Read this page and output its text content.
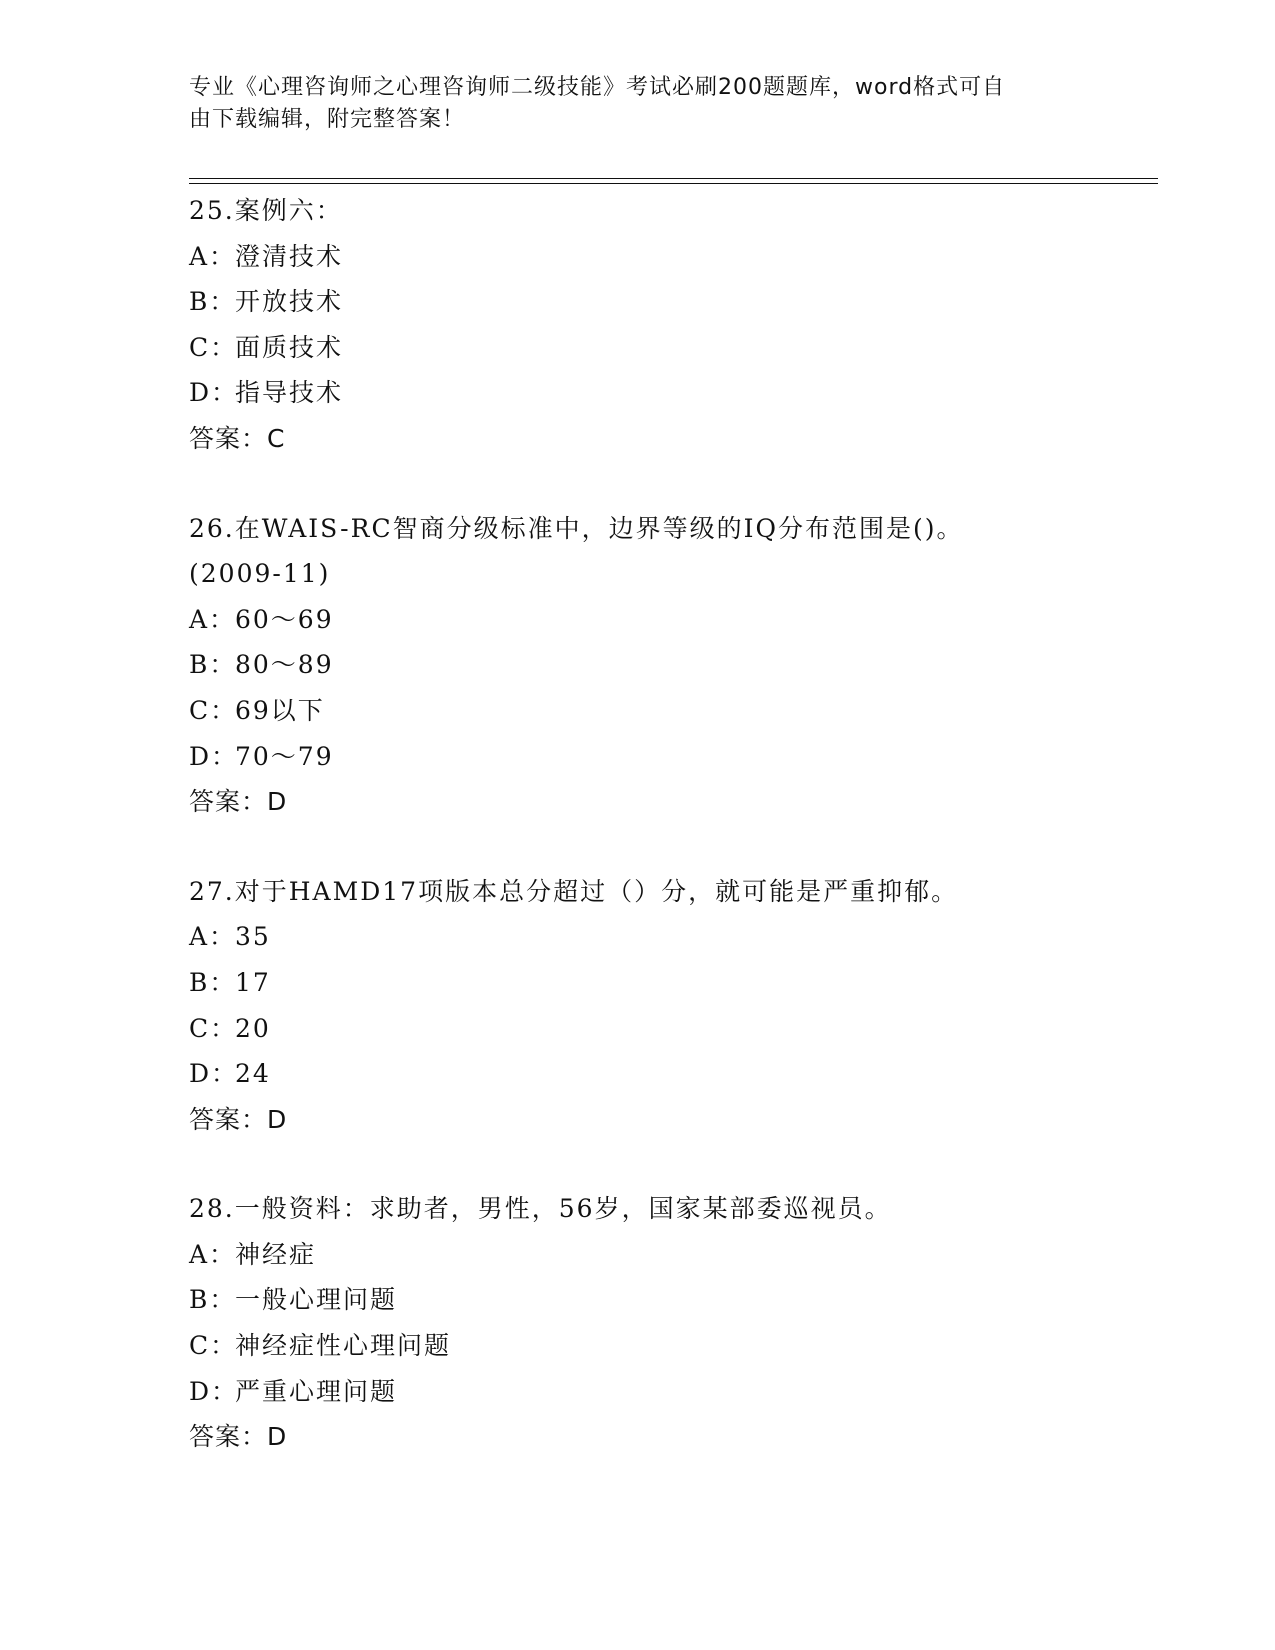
专业《心理咨询师之心理咨询师二级技能》考试必刷200题题库，word格式可自
由下载编辑，附完整答案！
25.案例六：
A：澄清技术
B：开放技术
C：面质技术
D：指导技术
答案：C
26.在WAIS-RC智商分级标准中，边界等级的IQ分布范围是()。
(2009-11)
A：60～69
B：80～89
C：69以下
D：70～79
答案：D
27.对于HAMD17项版本总分超过（）分，就可能是严重抑郁。
A：35
B：17
C：20
D：24
答案：D
28.一般资料：求助者，男性，56岁，国家某部委巡视员。
A：神经症
B：一般心理问题
C：神经症性心理问题
D：严重心理问题
答案：D
